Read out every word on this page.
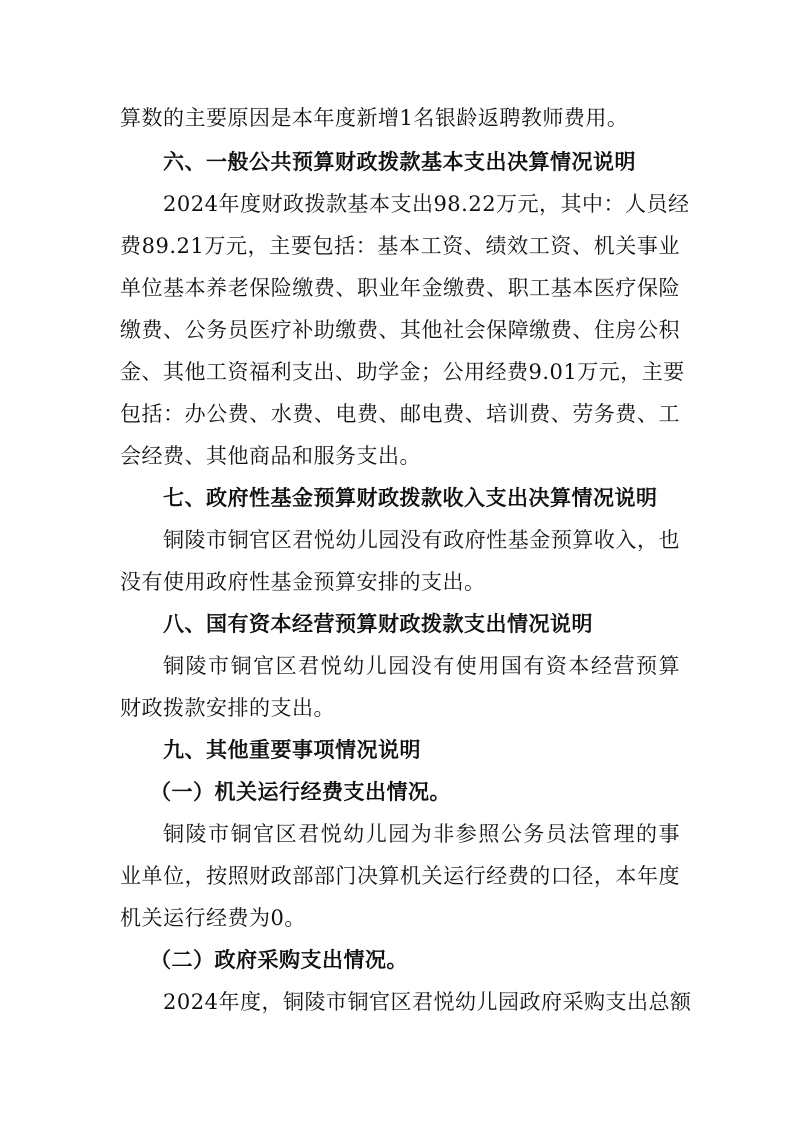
算数的主要原因是本年度新增1名银龄返聘教师费用。
六、一般公共预算财政拨款基本支出决算情况说明
2024年度财政拨款基本支出98.22万元，其中：人员经
费89.21万元，主要包括：基本工资、绩效工资、机关事业
单位基本养老保险缴费、职业年金缴费、职工基本医疗保险
缴费、公务员医疗补助缴费、其他社会保障缴费、住房公积
金、其他工资福利支出、助学金；公用经费9.01万元，主要
包括：办公费、水费、电费、邮电费、培训费、劳务费、工
会经费、其他商品和服务支出。
七、政府性基金预算财政拨款收入支出决算情况说明
铜陵市铜官区君悦幼儿园没有政府性基金预算收入，也
没有使用政府性基金预算安排的支出。
八、国有资本经营预算财政拨款支出情况说明
铜陵市铜官区君悦幼儿园没有使用国有资本经营预算
财政拨款安排的支出。
九、其他重要事项情况说明
（一）机关运行经费支出情况。
铜陵市铜官区君悦幼儿园为非参照公务员法管理的事
业单位，按照财政部部门决算机关运行经费的口径，本年度
机关运行经费为0。
（二）政府采购支出情况。
2024年度，铜陵市铜官区君悦幼儿园政府采购支出总额
